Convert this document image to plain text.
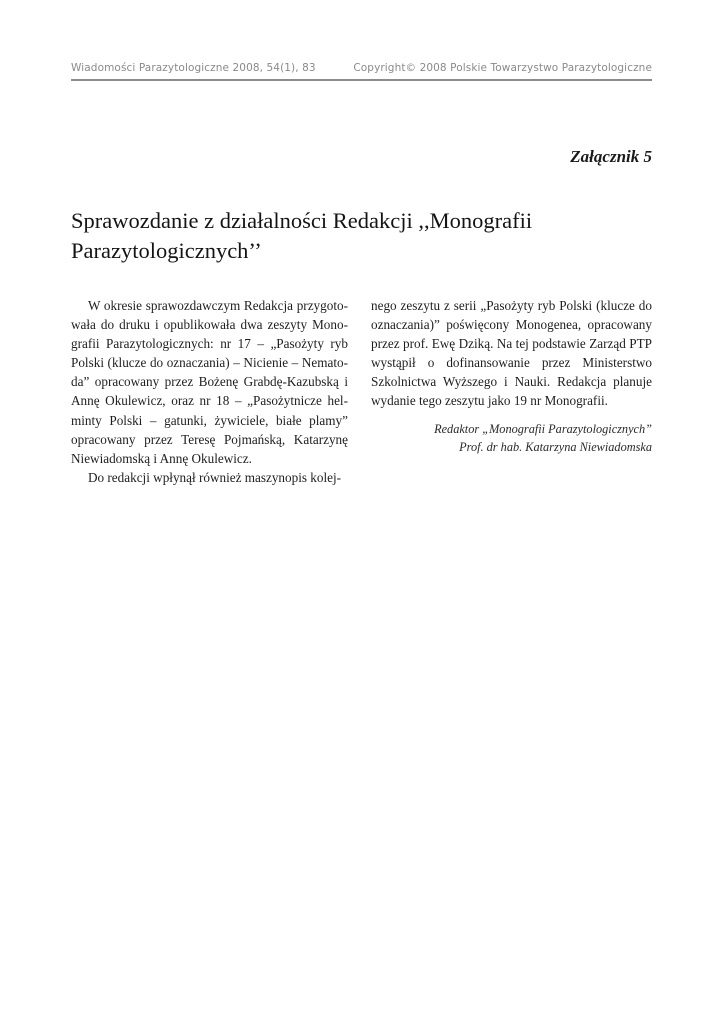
Wiadomości Parazytologiczne 2008, 54(1), 83	Copyright© 2008 Polskie Towarzystwo Parazytologiczne
Załącznik 5
Sprawozdanie z działalności Redakcji ,,Monografii Parazytologicznych’’

W okresie sprawozdawczym Redakcja przygotowała do druku i opublikowała dwa zeszyty Monografii Parazytologicznych: nr 17 – „Pasożyty ryb Polski (klucze do oznaczania) – Nicienie – Nematoda” opracowany przez Bożenę Grabdę-Kazubską i Annę Okulewicz, oraz nr 18 – „Pasożytnicze helminty Polski – gatunki, żywiciele, białe plamy” opracowany przez Teresę Pojmańską, Katarzynę Niewiadomską i Annę Okulewicz.

Do redakcji wpłynął również maszynopis kolej-

nego zeszytu z serii „Pasożyty ryb Polski (klucze do oznaczania)” poświęcony Monogenea, opracowany przez prof. Ewę Dziką. Na tej podstawie Zarząd PTP wystąpił o dofinansowanie przez Ministerstwo Szkolnictwa Wyższego i Nauki. Redakcja planuje wydanie tego zeszytu jako 19 nr Monografii.

Redaktor „Monografii Parazytologicznych”
Prof. dr hab. Katarzyna Niewiadomska
